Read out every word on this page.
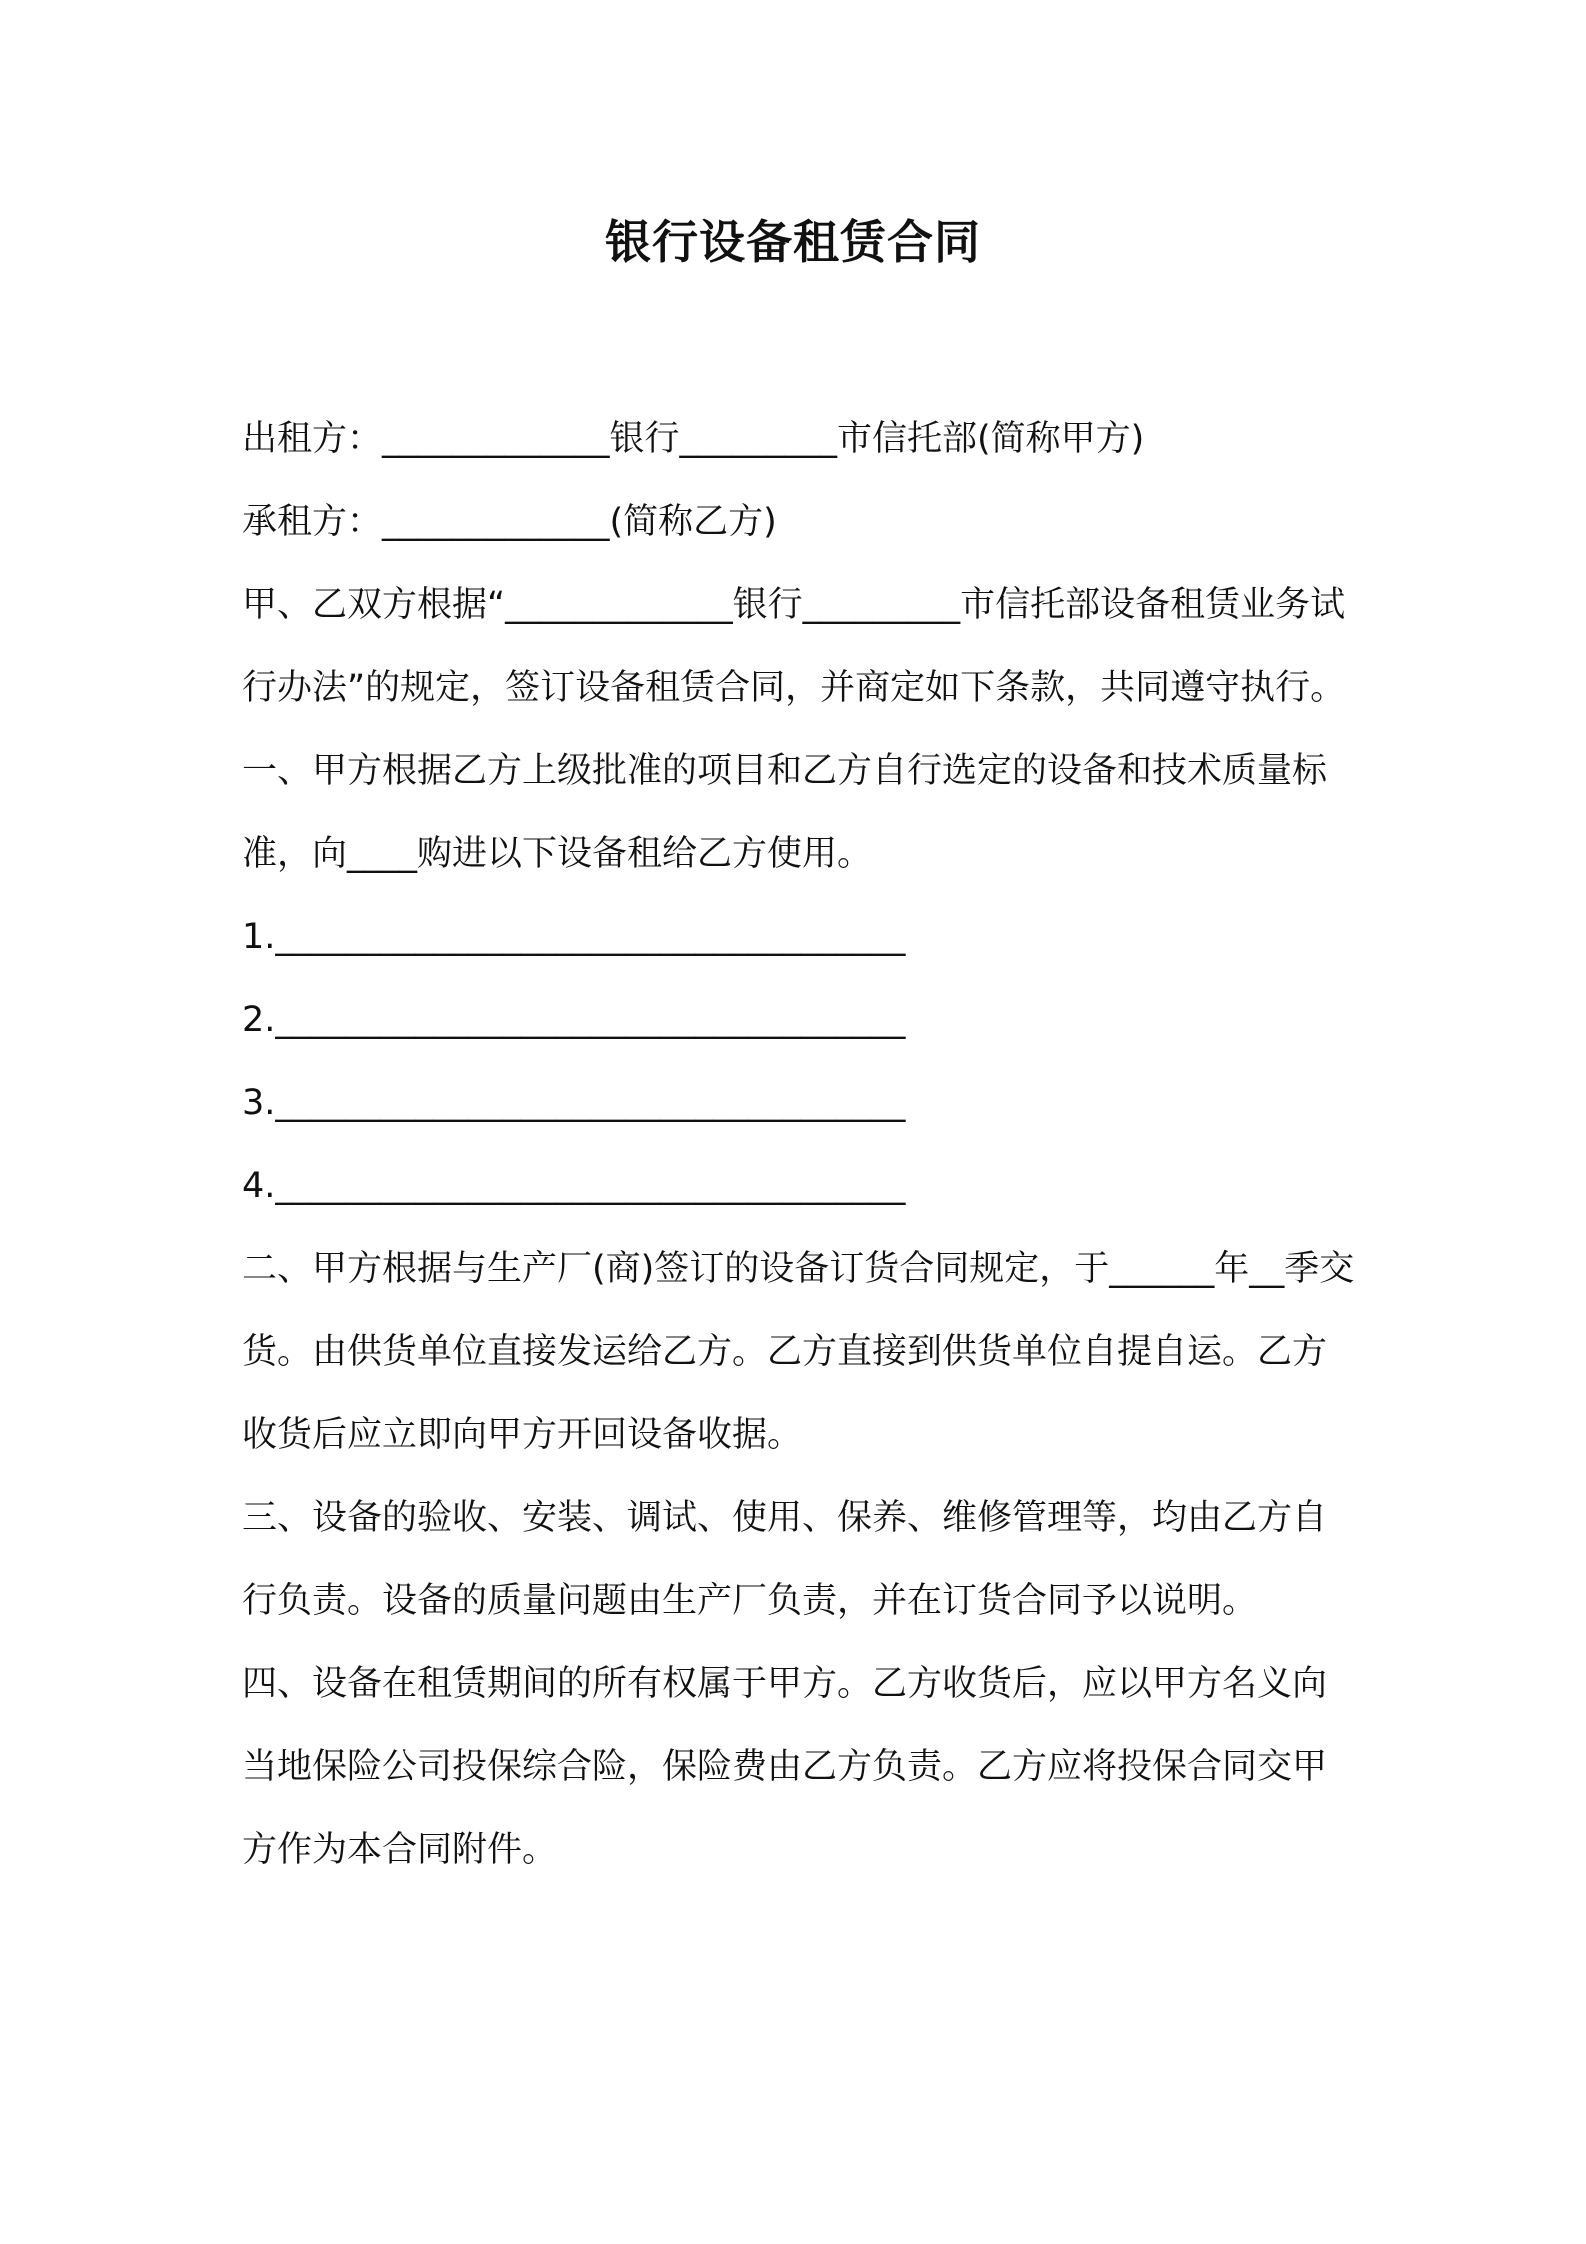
银行设备租赁合同

出租方：_____________银行_________市信托部(简称甲方)

承租方：_____________(简称乙方)

甲、乙双方根据“_____________银行_________市信托部设备租赁业务试行办法”的规定，签订设备租赁合同，并商定如下条款，共同遵守执行。

一、甲方根据乙方上级批准的项目和乙方自行选定的设备和技术质量标准，向____购进以下设备租给乙方使用。

1.____________________________________

2.____________________________________

3.____________________________________

4.____________________________________

二、甲方根据与生产厂(商)签订的设备订货合同规定，于______年__季交货。由供货单位直接发运给乙方。乙方直接到供货单位自提自运。乙方收货后应立即向甲方开回设备收据。

三、设备的验收、安装、调试、使用、保养、维修管理等，均由乙方自行负责。设备的质量问题由生产厂负责，并在订货合同予以说明。

四、设备在租赁期间的所有权属于甲方。乙方收货后，应以甲方名义向当地保险公司投保综合险，保险费由乙方负责。乙方应将投保合同交甲方作为本合同附件。
